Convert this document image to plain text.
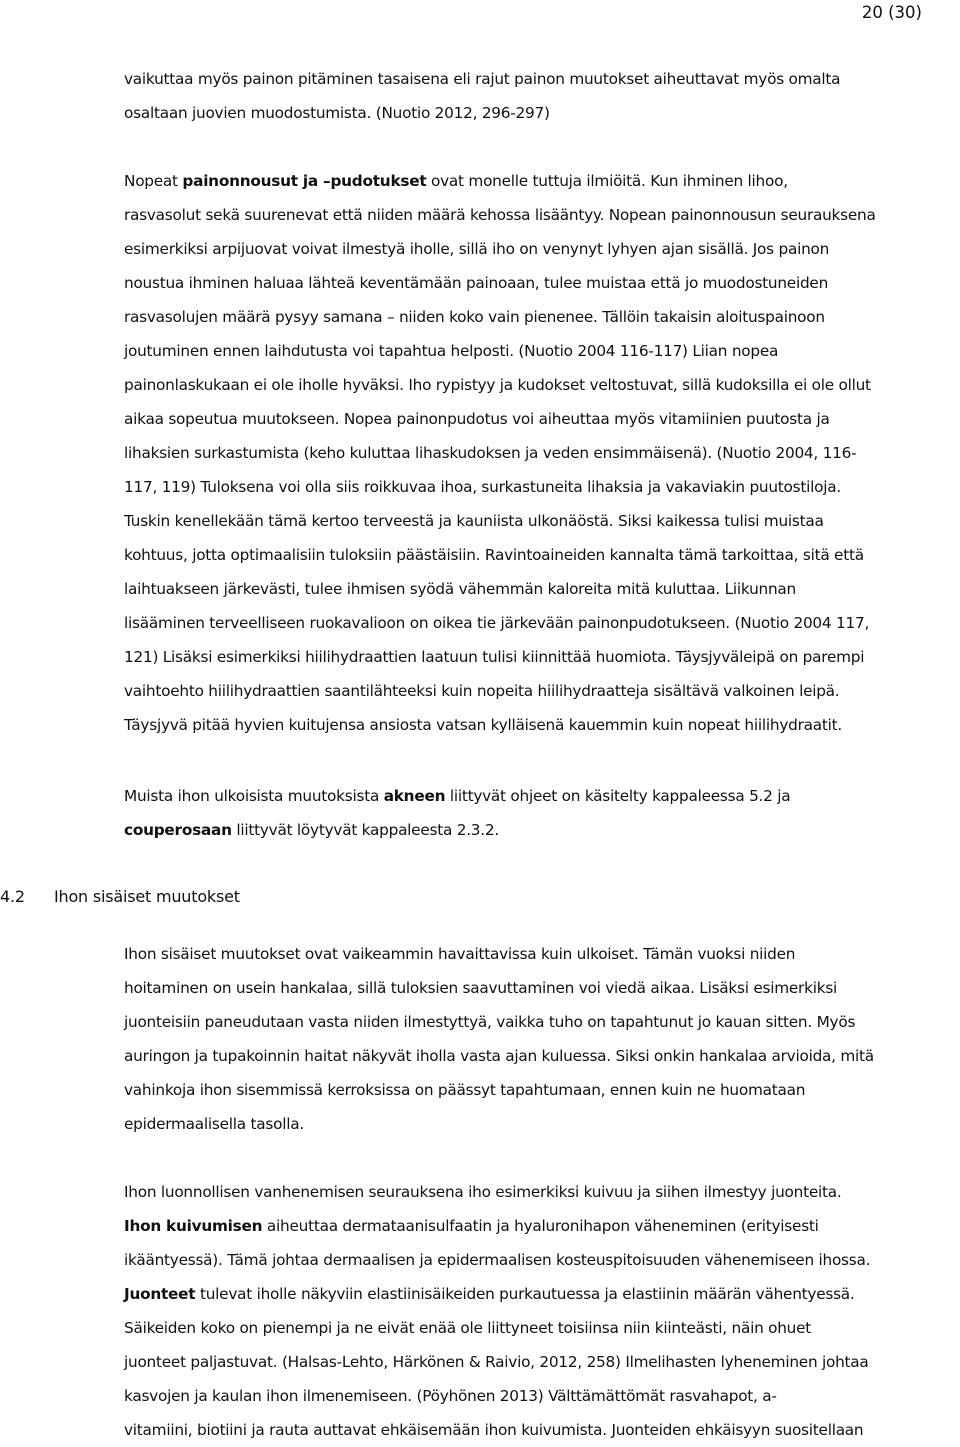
20 (30)
vaikuttaa myös painon pitäminen tasaisena eli rajut painon muutokset aiheuttavat myös omalta
osaltaan juovien muodostumista. (Nuotio 2012, 296-297)
Nopeat painonnousut ja –pudotukset ovat monelle tuttuja ilmiöitä. Kun ihminen lihoo,
rasvasolut sekä suurenevat että niiden määrä kehossa lisääntyy. Nopean painonnousun seurauksena
esimerkiksi arpijuovat voivat ilmestyä iholle, sillä iho on venynyt lyhyen ajan sisällä. Jos painon
noustua ihminen haluaa lähteä keventämään painoaan, tulee muistaa että jo muodostuneiden
rasvasolujen määrä pysyy samana – niiden koko vain pienenee. Tällöin takaisin aloituspainoon
joutuminen ennen laihdutusta voi tapahtua helposti. (Nuotio 2004 116-117) Liian nopea
painonlaskukaan ei ole iholle hyväksi. Iho rypistyy ja kudokset veltostuvat, sillä kudoksilla ei ole ollut
aikaa sopeutua muutokseen. Nopea painonpudotus voi aiheuttaa myös vitamiinien puutosta ja
lihaksien surkastumista (keho kuluttaa lihaskudoksen ja veden ensimmäisenä). (Nuotio 2004, 116-
117, 119) Tuloksena voi olla siis roikkuvaa ihoa, surkastuneita lihaksia ja vakaviakin puutostiloja.
Tuskin kenellekään tämä kertoo terveestä ja kauniista ulkonäöstä. Siksi kaikessa tulisi muistaa
kohtuus, jotta optimaalisiin tuloksiin päästäisiin. Ravintoaineiden kannalta tämä tarkoittaa, sitä että
laihtuakseen järkevästi, tulee ihmisen syödä vähemmän kaloreita mitä kuluttaa. Liikunnan
lisääminen terveelliseen ruokavalioon on oikea tie järkevään painonpudotukseen. (Nuotio 2004 117,
121) Lisäksi esimerkiksi hiilihydraattien laatuun tulisi kiinnittää huomiota. Täysjyväleipä on parempi
vaihtoehto hiilihydraattien saantilähteeksi kuin nopeita hiilihydraatteja sisältävä valkoinen leipä.
Täysjyvä pitää hyvien kuitujensa ansiosta vatsan kylläisenä kauemmin kuin nopeat hiilihydraatit.
Muista ihon ulkoisista muutoksista akneen liittyvät ohjeet on käsitelty kappaleessa 5.2 ja
couperosaan liittyvät löytyvät kappaleesta 2.3.2.
4.2 Ihon sisäiset muutokset
Ihon sisäiset muutokset ovat vaikeammin havaittavissa kuin ulkoiset. Tämän vuoksi niiden
hoitaminen on usein hankalaa, sillä tuloksien saavuttaminen voi viedä aikaa. Lisäksi esimerkiksi
juonteisiin paneudutaan vasta niiden ilmestyttyä, vaikka tuho on tapahtunut jo kauan sitten. Myös
auringon ja tupakoinnin haitat näkyvät iholla vasta ajan kuluessa. Siksi onkin hankalaa arvioida, mitä
vahinkoja ihon sisemmissä kerroksissa on päässyt tapahtumaan, ennen kuin ne huomataan
epidermaalisella tasolla.
Ihon luonnollisen vanhenemisen seurauksena iho esimerkiksi kuivuu ja siihen ilmestyy juonteita.
Ihon kuivumisen aiheuttaa dermataanisulfaatin ja hyaluronihapon väheneminen (erityisesti
ikääntyessä). Tämä johtaa dermaalisen ja epidermaalisen kosteuspitoisuuden vähenemiseen ihossa.
Juonteet tulevat iholle näkyviin elastiinisäikeiden purkautuessa ja elastiinin määrän vähentyessä.
Säikeiden koko on pienempi ja ne eivät enää ole liittyneet toisiinsa niin kiinteästi, näin ohuet
juonteet paljastuvat. (Halsas-Lehto, Härkönen & Raivio, 2012, 258) Ilmelihasten lyheneminen johtaa
kasvojen ja kaulan ihon ilmenemiseen. (Pöyhönen 2013) Välttämättömät rasvahapot, a-
vitamiini, biotiini ja rauta auttavat ehkäisemään ihon kuivumista. Juonteiden ehkäisyyn suositellaan
